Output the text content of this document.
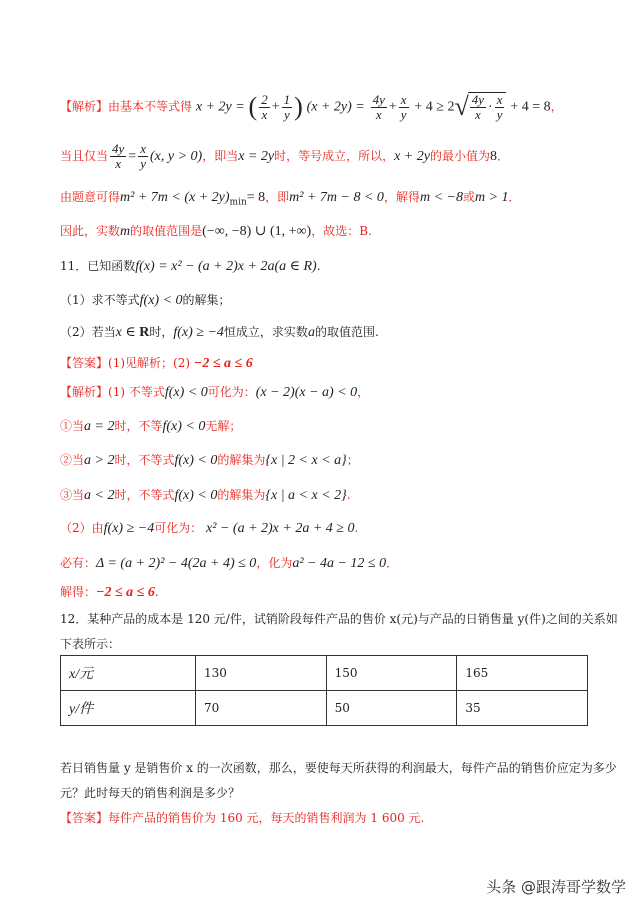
【解析】由基本不等式得 x + 2y = ( $\frac{2}{x} + \frac{1}{y}$ ) $(x + 2y) = \frac{4y}{x} + \frac{x}{y} + 4 \ge 2√ \frac{4y}{x} \cdot \frac{x}{y} + 4 = 8$，
当且仅当 $\frac{4y}{x} = \frac{x}{y} (x$, y > 0)，即当x = 2y时，等号成立，所以，x + 2y的最小值为8．
由题意可得$m^2 + 7m < (x + 2y)_{min}= 8$，即m² + 7m − 8 < 0，解得m < −8或m > 1．
因此，实数m的取值范围是(−∞, −8) ∪ (1, +∞)，故选：B.
11．已知函数f(x) = x² − (a + 2)x + 2a(a ∈ R).
（1）求不等式f(x) < 0的解集；
（2）若当x ∈ R时，f(x) ≥ −4恒成立，求实数a的取值范围.
【答案】(1)见解析；(2) −2 ≤ a ≤ 6
【解析】(1) 不等式f(x) < 0可化为：(x − 2)(x − a) < 0，
①当a = 2时，不等f(x) < 0无解；
②当a > 2时，不等式f(x) < 0的解集为{x | 2 < x < a}；
③当a < 2时，不等式f(x) < 0的解集为{x | a < x < 2}.
（2）由f(x) ≥ −4可化为： x² − (a + 2)x + 2a + 4 ≥ 0.
必有：Δ = (a + 2)² − 4(2a + 4) ≤ 0，化为a² − 4a − 12 ≤ 0．
解得：−2 ≤ a ≤ 6.
12．某种产品的成本是 120 元/件，试销阶段每件产品的售价 x(元)与产品的日销售量 y(件)之间的关系如
下表所示：
x/元	130	150	165
y/件	70	50	35
若日销售量 y 是销售价 x 的一次函数，那么，要使每天所获得的利润最大，每件产品的销售价应定为多少
元？此时每天的销售利润是多少？
【答案】每件产品的销售价为 160 元，每天的销售利润为 1 600 元.
头条 @跟涛哥学数学
